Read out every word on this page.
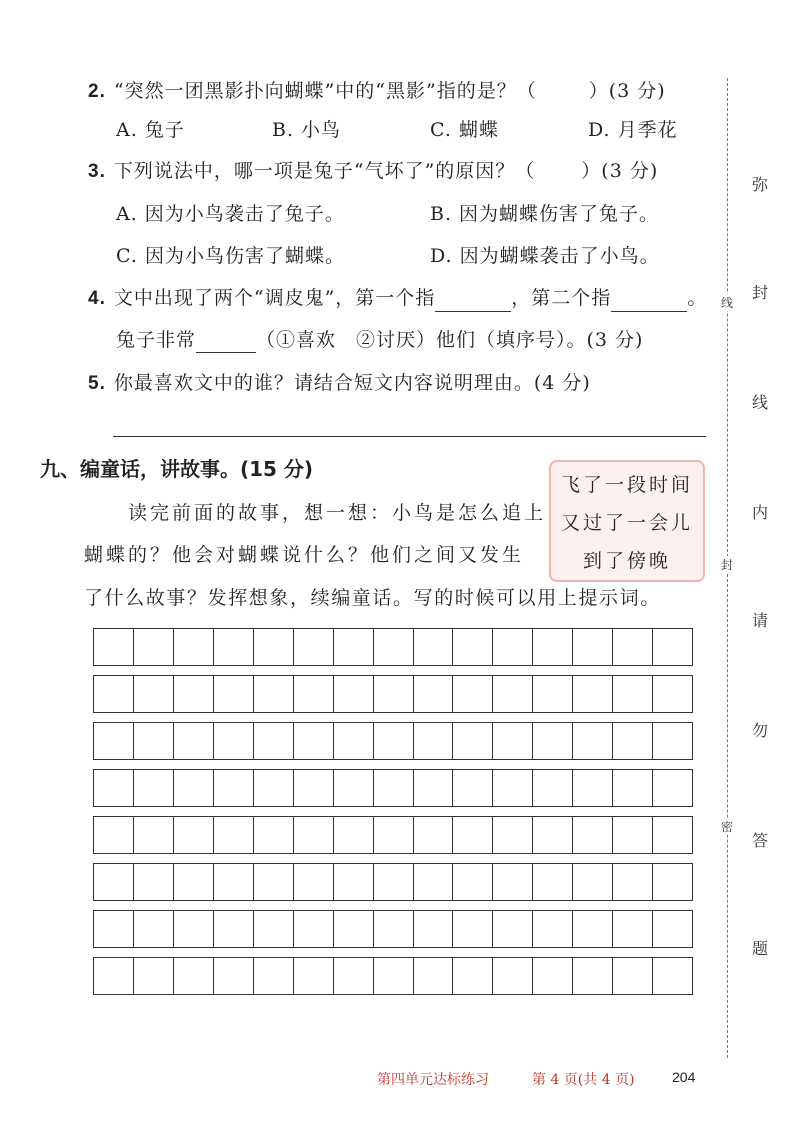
2. “突然一团黑影扑向蝴蝶”中的“黑影”指的是？（	）(3 分)
A. 兔子	B. 小鸟	C. 蝴蝶	D. 月季花
3. 下列说法中，哪一项是兔子“气坏了”的原因？（ ）(3 分)
A. 因为小鸟袭击了兔子。	B. 因为蝴蝶伤害了兔子。
C. 因为小鸟伤害了蝴蝶。	D. 因为蝴蝶袭击了小鸟。
4. 文中出现了两个“调皮鬼”，第一个指	，第二个指	。
兔子非常	（①喜欢　②讨厌）他们（填序号）。(3 分)
5. 你最喜欢文中的谁？请结合短文内容说明理由。(4 分)
九、编童话，讲故事。(15 分)
读完前面的故事，想一想：小鸟是怎么追上
蝴蝶的？他会对蝴蝶说什么？他们之间又发生
了什么故事？发挥想象，续编童话。写的时候可以用上提示词。
飞了一段时间
又过了一会儿
到了傍晚
弥
封
线
内
请
勿
答
题
线
封
密
第四单元达标练习	第 4 页(共 4 页)	204
